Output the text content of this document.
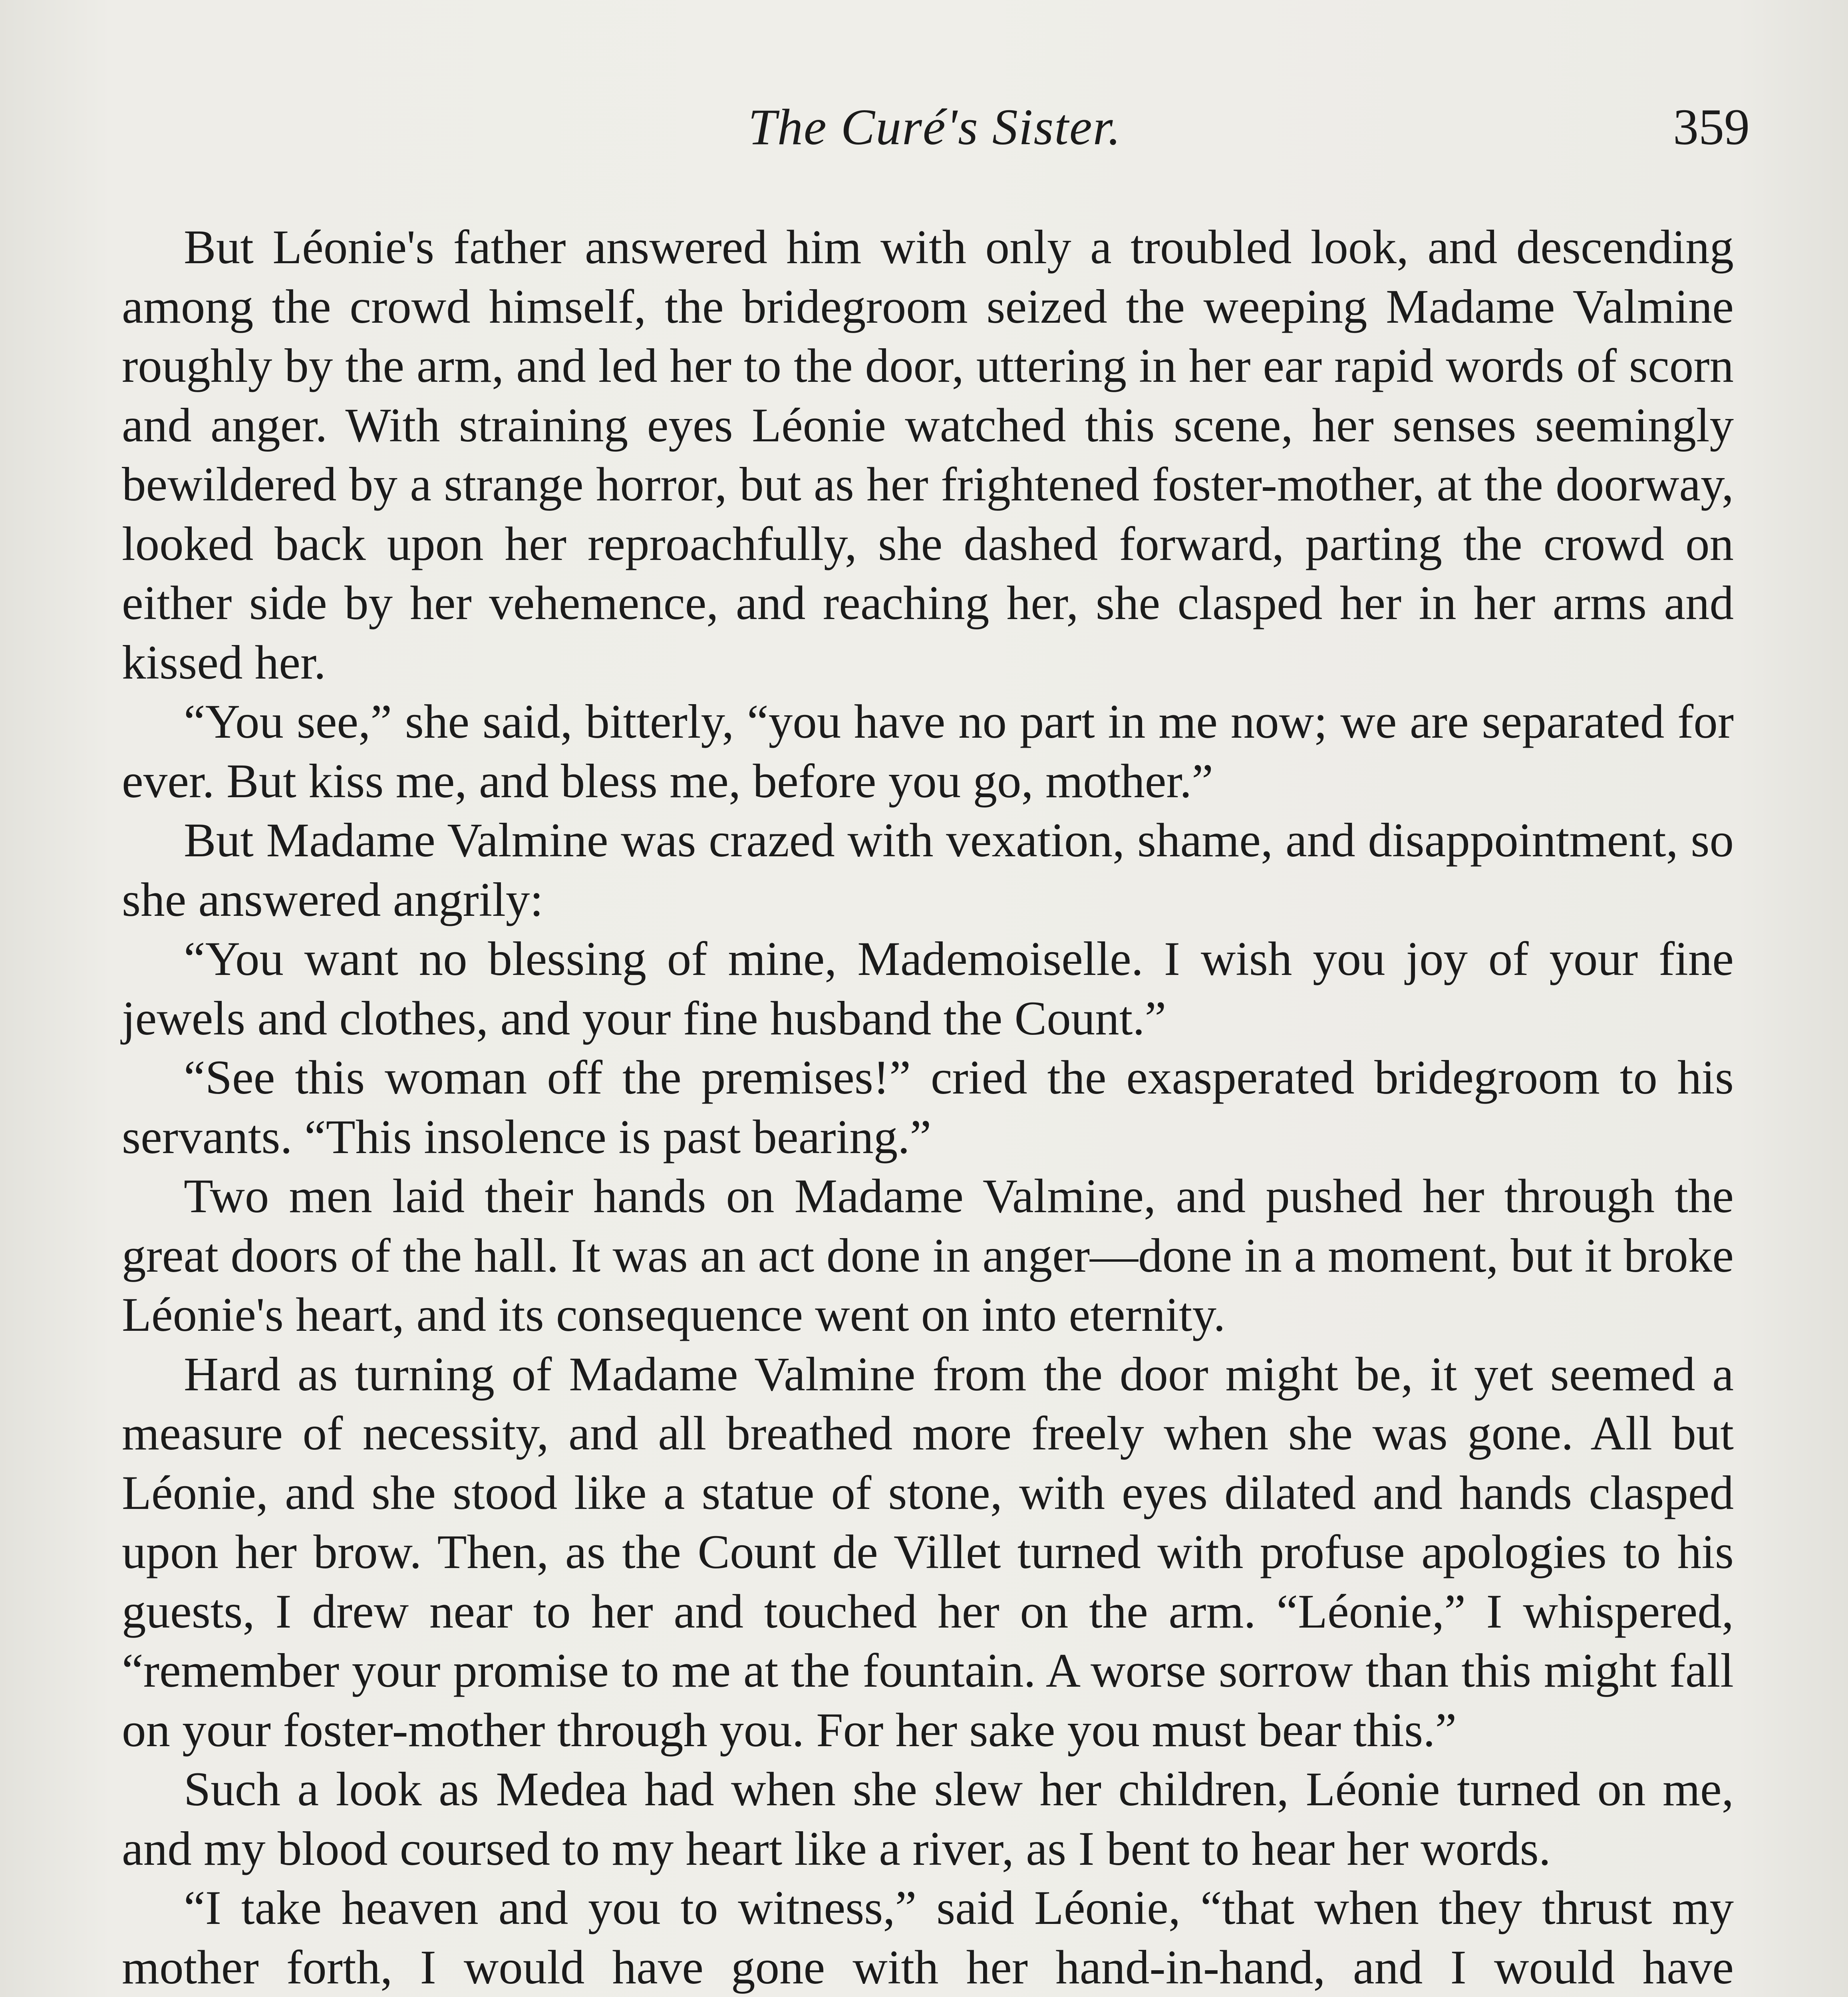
The Curé's Sister.	359

But Léonie's father answered him with only a troubled look, and descending among the crowd himself, the bridegroom seized the weeping Madame Valmine roughly by the arm, and led her to the door, uttering in her ear rapid words of scorn and anger. With straining eyes Léonie watched this scene, her senses seemingly bewildered by a strange horror, but as her frightened foster-mother, at the doorway, looked back upon her reproachfully, she dashed forward, parting the crowd on either side by her vehemence, and reaching her, she clasped her in her arms and kissed her.

“You see,” she said, bitterly, “you have no part in me now; we are separated for ever. But kiss me, and bless me, before you go, mother.”

But Madame Valmine was crazed with vexation, shame, and disappointment, so she answered angrily:

“You want no blessing of mine, Mademoiselle. I wish you joy of your fine jewels and clothes, and your fine husband the Count.”

“See this woman off the premises!” cried the exasperated bridegroom to his servants. “This insolence is past bearing.”

Two men laid their hands on Madame Valmine, and pushed her through the great doors of the hall. It was an act done in anger—done in a moment, but it broke Léonie's heart, and its consequence went on into eternity.

Hard as turning of Madame Valmine from the door might be, it yet seemed a measure of necessity, and all breathed more freely when she was gone. All but Léonie, and she stood like a statue of stone, with eyes dilated and hands clasped upon her brow. Then, as the Count de Villet turned with profuse apologies to his guests, I drew near to her and touched her on the arm. “Léonie,” I whispered, “remember your promise to me at the fountain. A worse sorrow than this might fall on your foster-mother through you. For her sake you must bear this.”

Such a look as Medea had when she slew her children, Léonie turned on me, and my blood coursed to my heart like a river, as I bent to hear her words.

“I take heaven and you to witness,” said Léonie, “that when they thrust my mother forth, I would have gone with her hand-in-hand, and I would have
